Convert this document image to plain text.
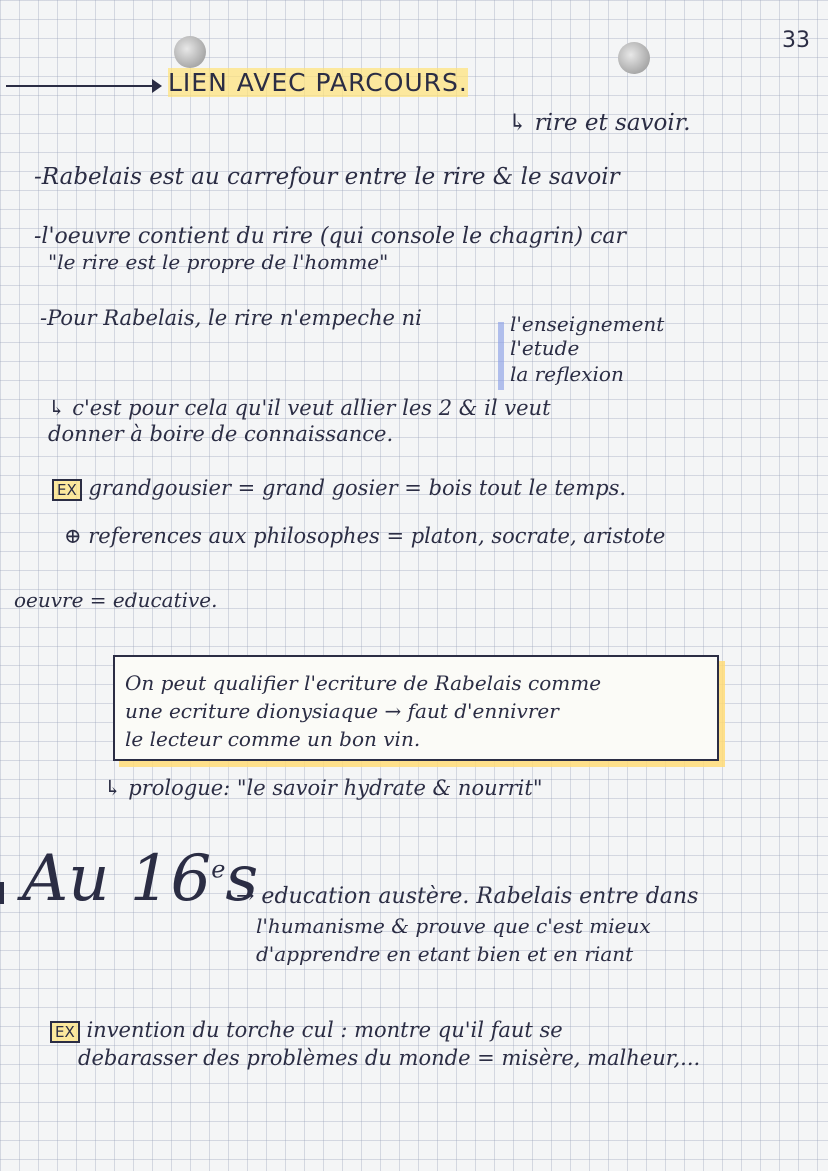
33
LIEN AVEC PARCOURS.
↳ rire et savoir.
-Rabelais est au carrefour entre le rire & le savoir
-l'oeuvre contient du rire (qui console le chagrin) car
"le rire est le propre de l'homme"
-Pour Rabelais, le rire n'empeche ni	l'enseignement
l'etude
la reflexion
↳ c'est pour cela qu'il veut allier les 2 & il veut
donner à boire de connaissance.
EX grandgousier = grand gosier = bois tout le temps.
⊕ references aux philosophes = platon, socrate, aristote
oeuvre = educative.
On peut qualifier l'ecriture de Rabelais comme
une ecriture dionysiaque → faut d'ennivrer
le lecteur comme un bon vin.
↳ prologue: "le savoir hydrate & nourrit"
Au $16^es$
→ education austère. Rabelais entre dans
l'humanisme & prouve que c'est mieux
d'apprendre en etant bien et en riant
EX invention du torche cul : montre qu'il faut se
debarasser des problèmes du monde = misère, malheur,...
